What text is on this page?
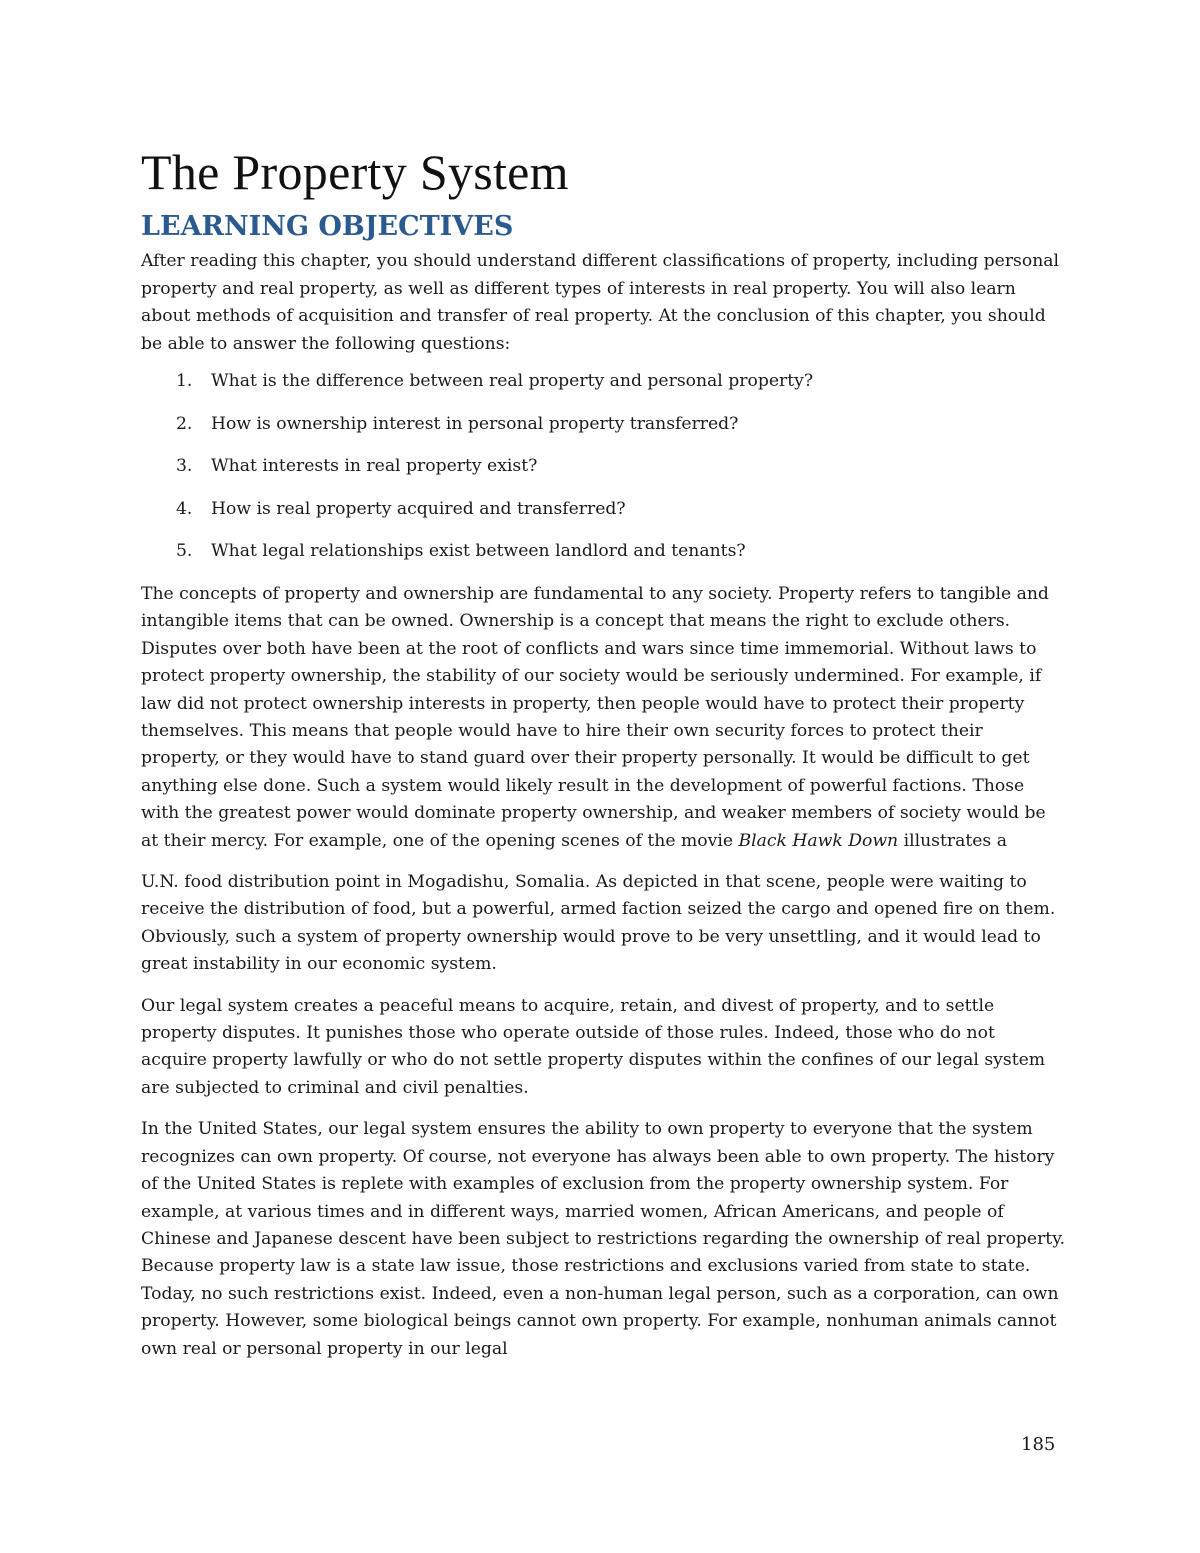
The Property System
LEARNING OBJECTIVES

After reading this chapter, you should understand different classifications of property, including personal property and real property, as well as different types of interests in real property. You will also learn about methods of acquisition and transfer of real property. At the conclusion of this chapter, you should be able to answer the following questions:

1.	What is the difference between real property and personal property?
2.	How is ownership interest in personal property transferred?
3.	What interests in real property exist?
4.	How is real property acquired and transferred?
5.	What legal relationships exist between landlord and tenants?

The concepts of property and ownership are fundamental to any society. Property refers to tangible and intangible items that can be owned. Ownership is a concept that means the right to exclude others. Disputes over both have been at the root of conflicts and wars since time immemorial. Without laws to protect property ownership, the stability of our society would be seriously undermined. For example, if law did not protect ownership interests in property, then people would have to protect their property themselves. This means that people would have to hire their own security forces to protect their property, or they would have to stand guard over their property personally. It would be difficult to get anything else done. Such a system would likely result in the development of powerful factions. Those with the greatest power would dominate property ownership, and weaker members of society would be at their mercy. For example, one of the opening scenes of the movie Black Hawk Down illustrates a

U.N. food distribution point in Mogadishu, Somalia. As depicted in that scene, people were waiting to receive the distribution of food, but a powerful, armed faction seized the cargo and opened fire on them. Obviously, such a system of property ownership would prove to be very unsettling, and it would lead to great instability in our economic system.

Our legal system creates a peaceful means to acquire, retain, and divest of property, and to settle property disputes. It punishes those who operate outside of those rules. Indeed, those who do not acquire property lawfully or who do not settle property disputes within the confines of our legal system are subjected to criminal and civil penalties.

In the United States, our legal system ensures the ability to own property to everyone that the system recognizes can own property. Of course, not everyone has always been able to own property. The history of the United States is replete with examples of exclusion from the property ownership system. For example, at various times and in different ways, married women, African Americans, and people of Chinese and Japanese descent have been subject to restrictions regarding the ownership of real property. Because property law is a state law issue, those restrictions and exclusions varied from state to state. Today, no such restrictions exist. Indeed, even a non-human legal person, such as a corporation, can own property. However, some biological beings cannot own property. For example, nonhuman animals cannot own real or personal property in our legal

185
